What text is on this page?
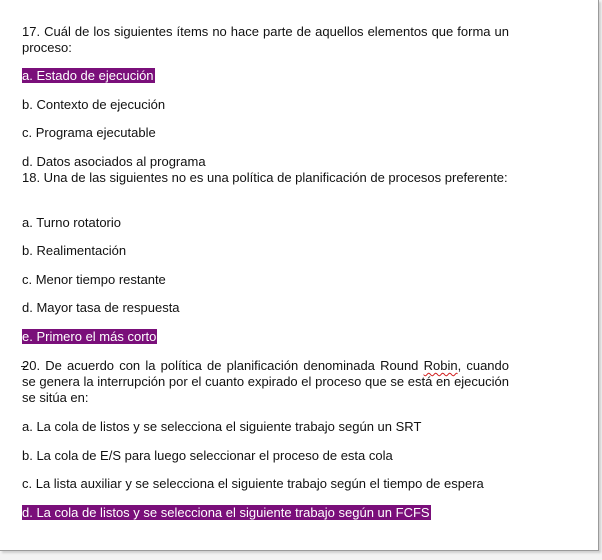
17. Cuál de los siguientes ítems no hace parte de aquellos elementos que forma un proceso:
a. Estado de ejecución
b. Contexto de ejecución
c. Programa ejecutable
d. Datos asociados al programa
18. Una de las siguientes no es una política de planificación de procesos preferente:
a. Turno rotatorio
b. Realimentación
c. Menor tiempo restante
d. Mayor tasa de respuesta
e. Primero el más corto
20. De acuerdo con la política de planificación denominada Round Robin, cuando se genera la interrupción por el cuanto expirado el proceso que se está en ejecución se sitúa en:
a. La cola de listos y se selecciona el siguiente trabajo según un SRT
b. La cola de E/S para luego seleccionar el proceso de esta cola
c. La lista auxiliar y se selecciona el siguiente trabajo según el tiempo de espera
d. La cola de listos y se selecciona el siguiente trabajo según un FCFS
